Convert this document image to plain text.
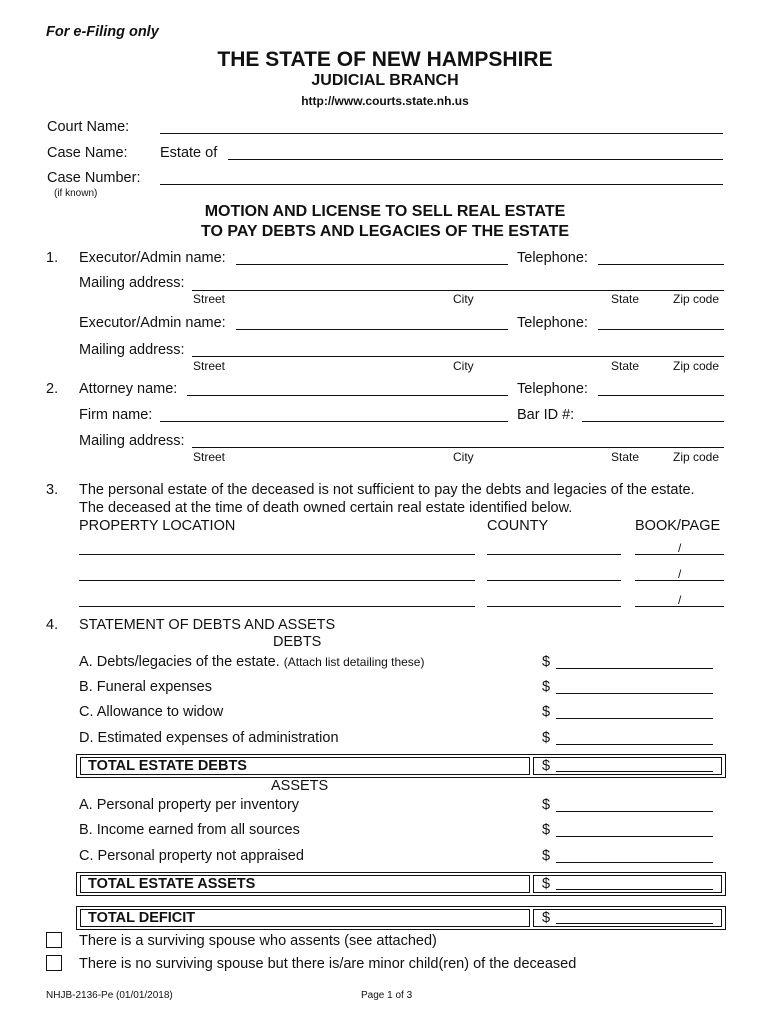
For e-Filing only
THE STATE OF NEW HAMPSHIRE
JUDICIAL BRANCH
http://www.courts.state.nh.us
Court Name:
Case Name: Estate of
Case Number:
(if known)
MOTION AND LICENSE TO SELL REAL ESTATE
TO PAY DEBTS AND LEGACIES OF THE ESTATE
1. Executor/Admin name:	Telephone:
Mailing address:
Street	City	State	Zip code
Executor/Admin name:	Telephone:
Mailing address:
Street	City	State	Zip code
2. Attorney name:	Telephone:
Firm name:	Bar ID #:
Mailing address:
Street	City	State	Zip code
3. The personal estate of the deceased is not sufficient to pay the debts and legacies of the estate.
The deceased at the time of death owned certain real estate identified below.
PROPERTY LOCATION	COUNTY	BOOK/PAGE
/
/
/
4. STATEMENT OF DEBTS AND ASSETS
DEBTS
A. Debts/legacies of the estate. (Attach list detailing these)	$
B. Funeral expenses	$
C. Allowance to widow	$
D. Estimated expenses of administration	$
TOTAL ESTATE DEBTS	$
ASSETS
A. Personal property per inventory	$
B. Income earned from all sources	$
C. Personal property not appraised	$
TOTAL ESTATE ASSETS	$
TOTAL DEFICIT	$
There is a surviving spouse who assents (see attached)
There is no surviving spouse but there is/are minor child(ren) of the deceased
NHJB-2136-Pe (01/01/2018)	Page 1 of 3
